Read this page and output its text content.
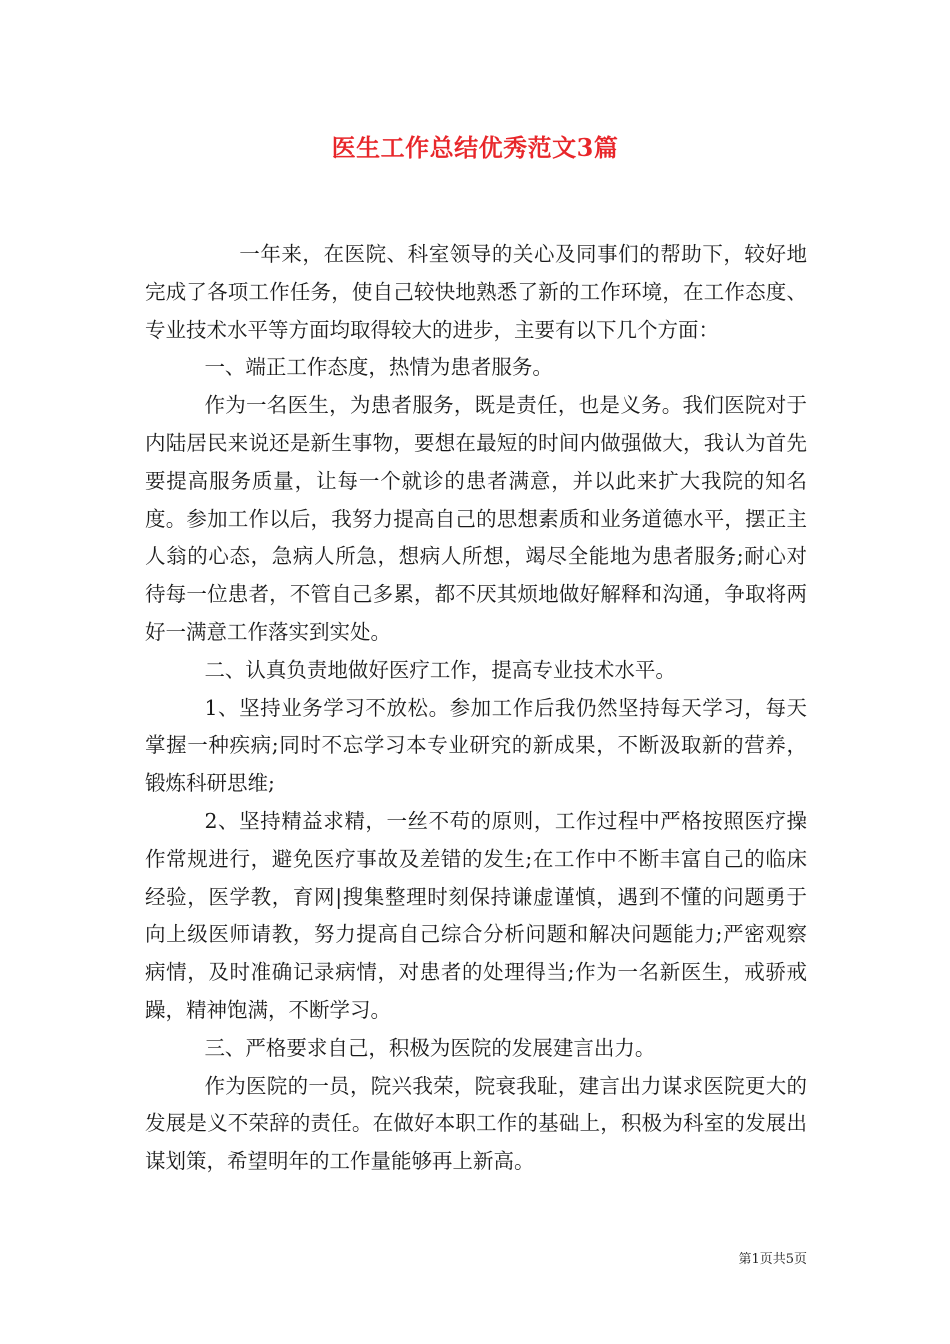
医生工作总结优秀范文3篇

一年来，在医院、科室领导的关心及同事们的帮助下，较好地完成了各项工作任务，使自己较快地熟悉了新的工作环境，在工作态度、专业技术水平等方面均取得较大的进步，主要有以下几个方面：

一、端正工作态度，热情为患者服务。

作为一名医生，为患者服务，既是责任，也是义务。我们医院对于内陆居民来说还是新生事物，要想在最短的时间内做强做大，我认为首先要提高服务质量，让每一个就诊的患者满意，并以此来扩大我院的知名度。参加工作以后，我努力提高自己的思想素质和业务道德水平，摆正主人翁的心态，急病人所急，想病人所想，竭尽全能地为患者服务;耐心对待每一位患者，不管自己多累，都不厌其烦地做好解释和沟通，争取将两好一满意工作落实到实处。

二、认真负责地做好医疗工作，提高专业技术水平。

1、坚持业务学习不放松。参加工作后我仍然坚持每天学习，每天掌握一种疾病;同时不忘学习本专业研究的新成果，不断汲取新的营养，锻炼科研思维;

2、坚持精益求精，一丝不苟的原则，工作过程中严格按照医疗操作常规进行，避免医疗事故及差错的发生;在工作中不断丰富自己的临床经验，医学教，育网|搜集整理时刻保持谦虚谨慎，遇到不懂的问题勇于向上级医师请教，努力提高自己综合分析问题和解决问题能力;严密观察病情，及时准确记录病情，对患者的处理得当;作为一名新医生，戒骄戒躁，精神饱满，不断学习。

三、严格要求自己，积极为医院的发展建言出力。

作为医院的一员，院兴我荣，院衰我耻，建言出力谋求医院更大的发展是义不荣辞的责任。在做好本职工作的基础上，积极为科室的发展出谋划策，希望明年的工作量能够再上新高。

第1页共5页
